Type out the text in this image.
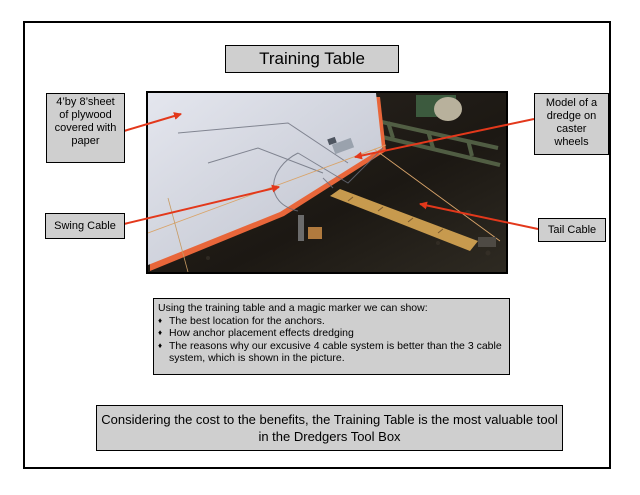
Training Table
4’by 8’sheet
of plywood
covered with
paper
Model of a
dredge on
caster
wheels
Swing Cable	Tail Cable
Using the training table and a magic marker we can show:
♦ The best location for the anchors.
♦ How anchor placement effects dredging
♦ The reasons why our excusive 4 cable system is better than the 3 cable system, which is shown in the picture.
Considering the cost to the benefits, the Training Table is the most valuable tool
in the Dredgers Tool Box
